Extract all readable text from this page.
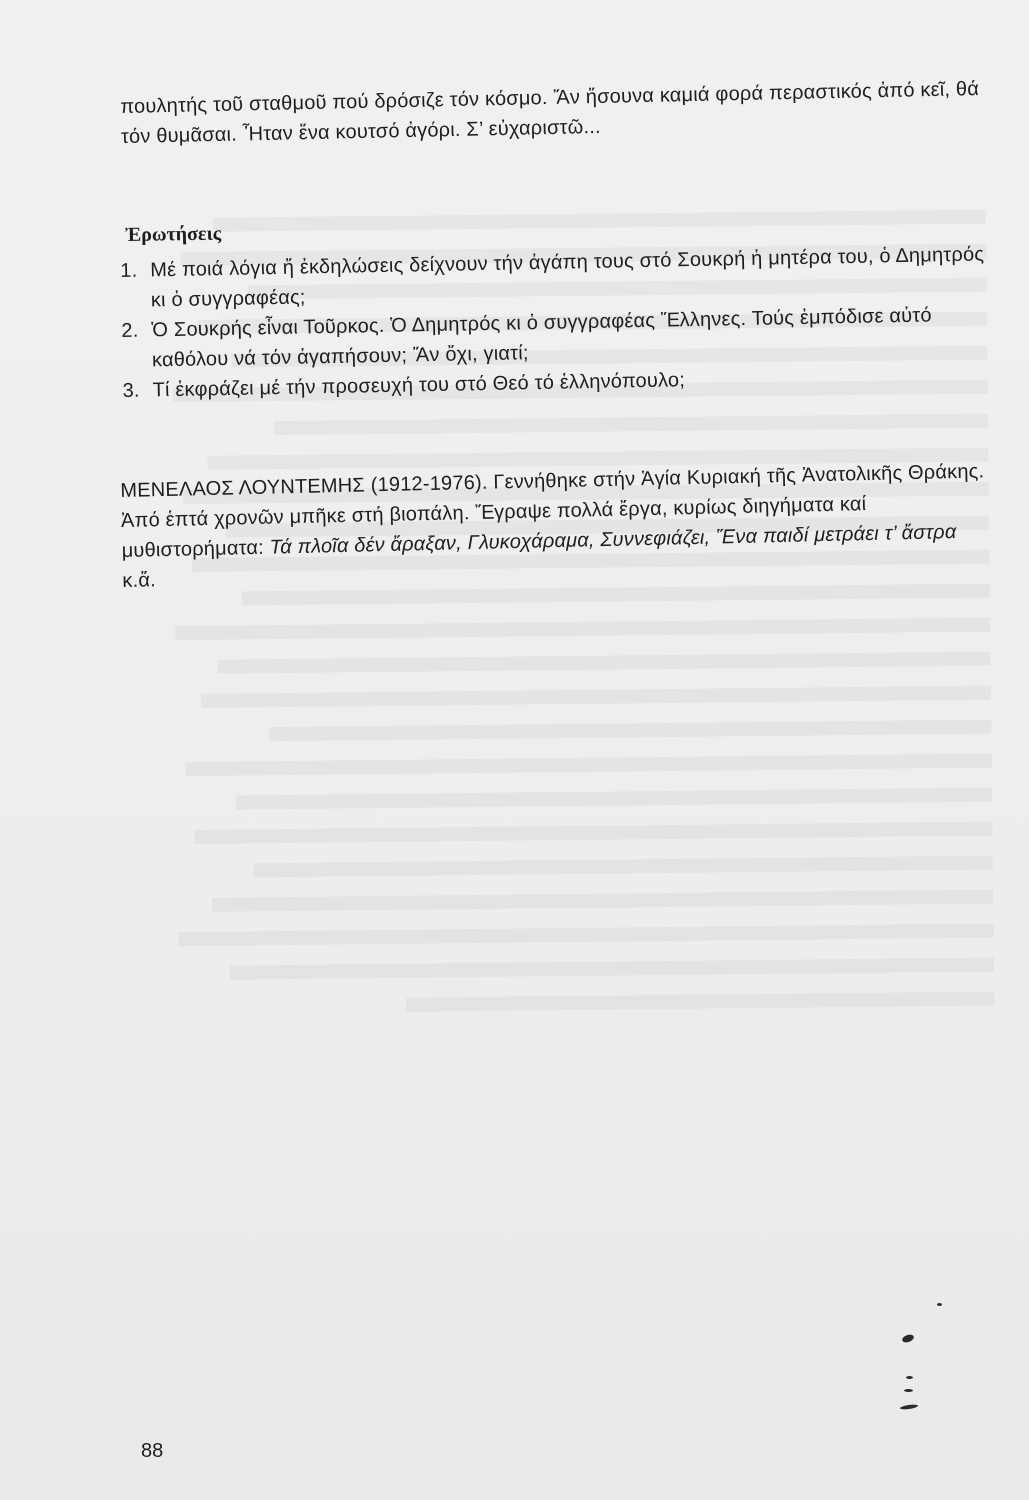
πουλητής τοῦ σταθμοῦ πού δρόσιζε τόν κόσμο. Ἄν ἤσουνα καμιά φορά περαστικός ἀπό κεῖ, θά τόν θυμᾶσαι. Ἦταν ἕνα κουτσό ἀγόρι. Σ’ εὐχαριστῶ...
Ἐρωτήσεις
1. Μέ ποιά λόγια ἤ ἐκδηλώσεις δείχνουν τήν ἀγάπη τους στό Σουκρή ἡ μητέρα του, ὁ Δημητρός κι ὁ συγγραφέας;
2. Ὁ Σουκρής εἶναι Τοῦρκος. Ὁ Δημητρός κι ὁ συγγραφέας Ἕλληνες. Τούς ἐμπόδισε αὐτό καθόλου νά τόν ἀγαπήσουν; Ἄν ὄχι, γιατί;
3. Τί ἐκφράζει μέ τήν προσευχή του στό Θεό τό ἑλληνόπουλο;
ΜΕΝΕΛΑΟΣ ΛΟΥΝΤΕΜΗΣ (1912-1976). Γεννήθηκε στήν Ἁγία Κυριακή τῆς Ἀνατολικῆς Θράκης. Ἀπό ἑπτά χρονῶν μπῆκε στή βιοπάλη. Ἔγραψε πολλά ἔργα, κυρίως διηγήματα καί μυθιστορήματα: Τά πλοῖα δέν ἄραξαν, Γλυκοχάραμα, Συννεφιάζει, Ἕνα παιδί μετράει τ’ ἄστρα κ.ἄ.
88
